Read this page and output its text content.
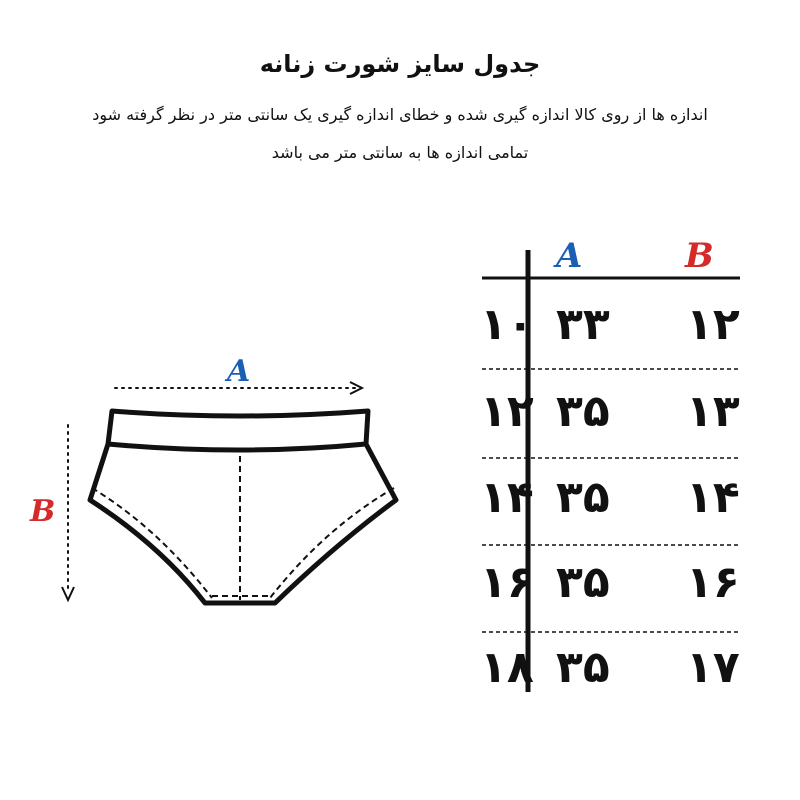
جدول سایز شورت زنانه
اندازه ها از روی کالا اندازه گیری شده و خطای اندازه گیری یک سانتی متر در نظر گرفته شود
تمامی اندازه ها به سانتی متر می باشد
A
B
A	B
۱۰ ۳۳ ۱۲
۱۲ ۳۵ ۱۳
۱۴ ۳۵ ۱۴
۱۶ ۳۵ ۱۶
۱۸ ۳۵ ۱۷
